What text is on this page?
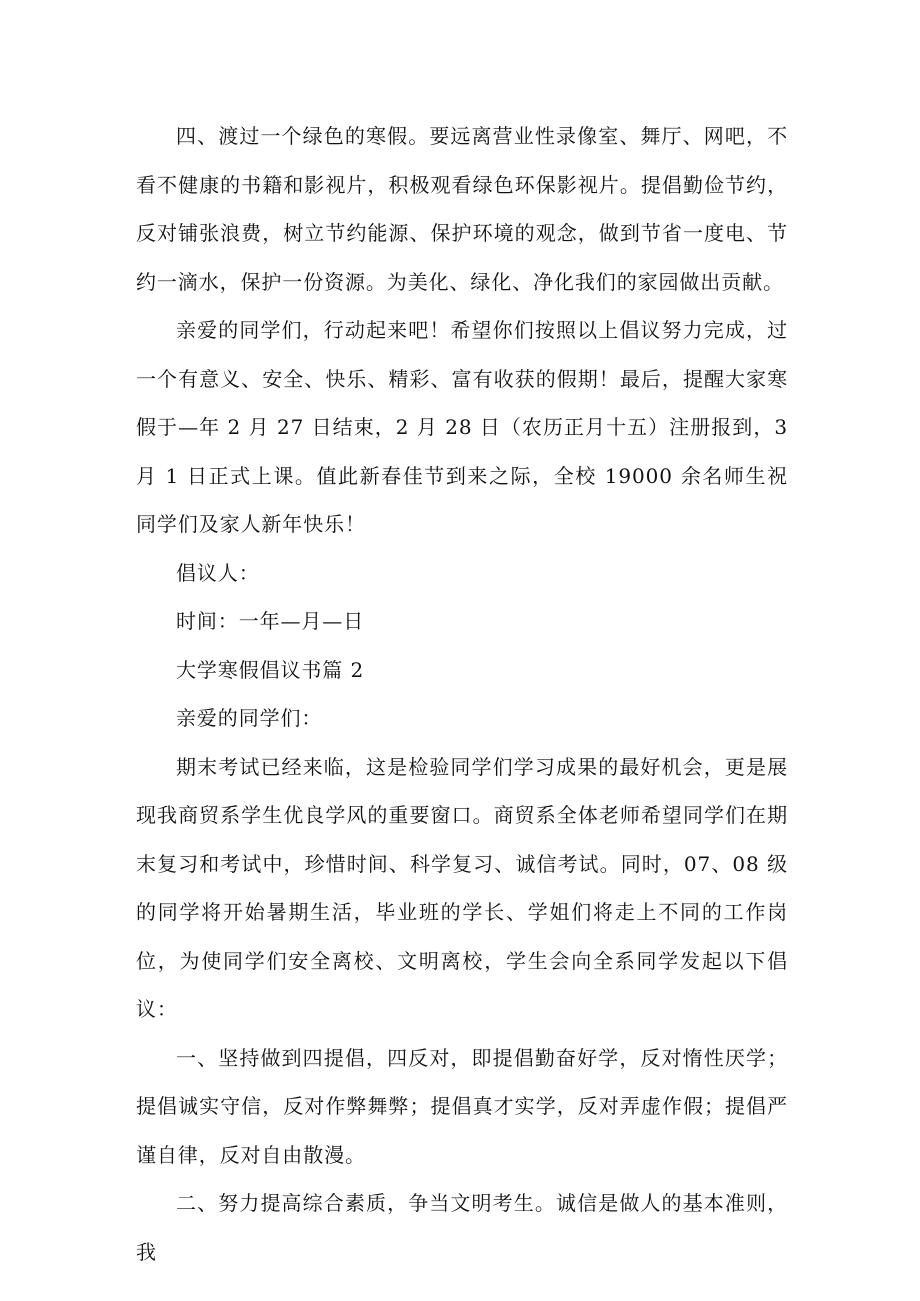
四、渡过一个绿色的寒假。要远离营业性录像室、舞厅、网吧，不看不健康的书籍和影视片，积极观看绿色环保影视片。提倡勤俭节约，反对铺张浪费，树立节约能源、保护环境的观念，做到节省一度电、节约一滴水，保护一份资源。为美化、绿化、净化我们的家园做出贡献。

亲爱的同学们，行动起来吧！希望你们按照以上倡议努力完成，过一个有意义、安全、快乐、精彩、富有收获的假期！最后，提醒大家寒假于—年 2 月 27 日结束，2 月 28 日（农历正月十五）注册报到，3 月 1 日正式上课。值此新春佳节到来之际，全校 19000 余名师生祝同学们及家人新年快乐！

倡议人：

时间：一年—月—日

大学寒假倡议书篇 2

亲爱的同学们：

期末考试已经来临，这是检验同学们学习成果的最好机会，更是展现我商贸系学生优良学风的重要窗口。商贸系全体老师希望同学们在期末复习和考试中，珍惜时间、科学复习、诚信考试。同时，07、08 级的同学将开始暑期生活，毕业班的学长、学姐们将走上不同的工作岗位，为使同学们安全离校、文明离校，学生会向全系同学发起以下倡议：

一、坚持做到四提倡，四反对，即提倡勤奋好学，反对惰性厌学；提倡诚实守信，反对作弊舞弊；提倡真才实学，反对弄虚作假；提倡严谨自律，反对自由散漫。

二、努力提高综合素质，争当文明考生。诚信是做人的基本准则，我
